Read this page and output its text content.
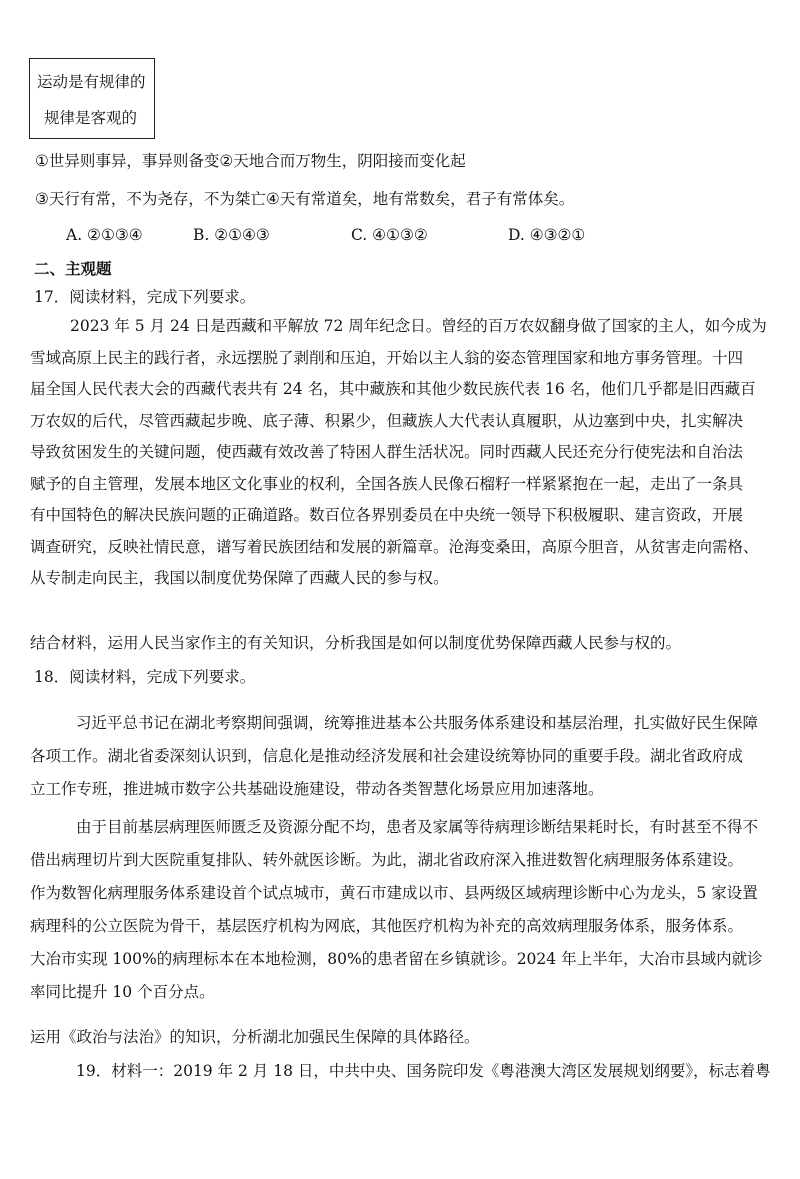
运动是有规律的
规律是客观的
①世异则事异，事异则备变②天地合而万物生，阴阳接而变化起
③天行有常，不为尧存，不为桀亡④天有常道矣，地有常数矣，君子有常体矣。
A. ②①③④	B. ②①④③	C. ④①③②	D. ④③②①
二、主观题
17．阅读材料，完成下列要求。
2023 年 5 月 24 日是西藏和平解放 72 周年纪念日。曾经的百万农奴翻身做了国家的主人，如今成为
雪域高原上民主的践行者，永远摆脱了剥削和压迫，开始以主人翁的姿态管理国家和地方事务管理。十四
届全国人民代表大会的西藏代表共有 24 名，其中藏族和其他少数民族代表 16 名，他们几乎都是旧西藏百
万农奴的后代，尽管西藏起步晚、底子薄、积累少，但藏族人大代表认真履职，从边塞到中央，扎实解决
导致贫困发生的关键问题，使西藏有效改善了特困人群生活状况。同时西藏人民还充分行使宪法和自治法
赋予的自主管理，发展本地区文化事业的权利，全国各族人民像石榴籽一样紧紧抱在一起，走出了一条具
有中国特色的解决民族问题的正确道路。数百位各界别委员在中央统一领导下积极履职、建言资政，开展
调查研究，反映社情民意，谱写着民族团结和发展的新篇章。沧海变桑田，高原今胆音，从贫害走向需格、
从专制走向民主，我国以制度优势保障了西藏人民的参与权。
结合材料，运用人民当家作主的有关知识，分析我国是如何以制度优势保障西藏人民参与权的。
18．阅读材料，完成下列要求。
习近平总书记在湖北考察期间强调，统筹推进基本公共服务体系建设和基层治理，扎实做好民生保障
各项工作。湖北省委深刻认识到，信息化是推动经济发展和社会建设统筹协同的重要手段。湖北省政府成
立工作专班，推进城市数字公共基础设施建设，带动各类智慧化场景应用加速落地。
由于目前基层病理医师匮乏及资源分配不均，患者及家属等待病理诊断结果耗时长，有时甚至不得不
借出病理切片到大医院重复排队、转外就医诊断。为此，湖北省政府深入推进数智化病理服务体系建设。
作为数智化病理服务体系建设首个试点城市，黄石市建成以市、县两级区域病理诊断中心为龙头，5 家设置
病理科的公立医院为骨干，基层医疗机构为网底，其他医疗机构为补充的高效病理服务体系，服务体系。
大冶市实现 100%的病理标本在本地检测，80%的患者留在乡镇就诊。2024 年上半年，大冶市县域内就诊
率同比提升 10 个百分点。
运用《政治与法治》的知识，分析湖北加强民生保障的具体路径。
19．材料一：2019 年 2 月 18 日，中共中央、国务院印发《粤港澳大湾区发展规划纲要》，标志着粤
